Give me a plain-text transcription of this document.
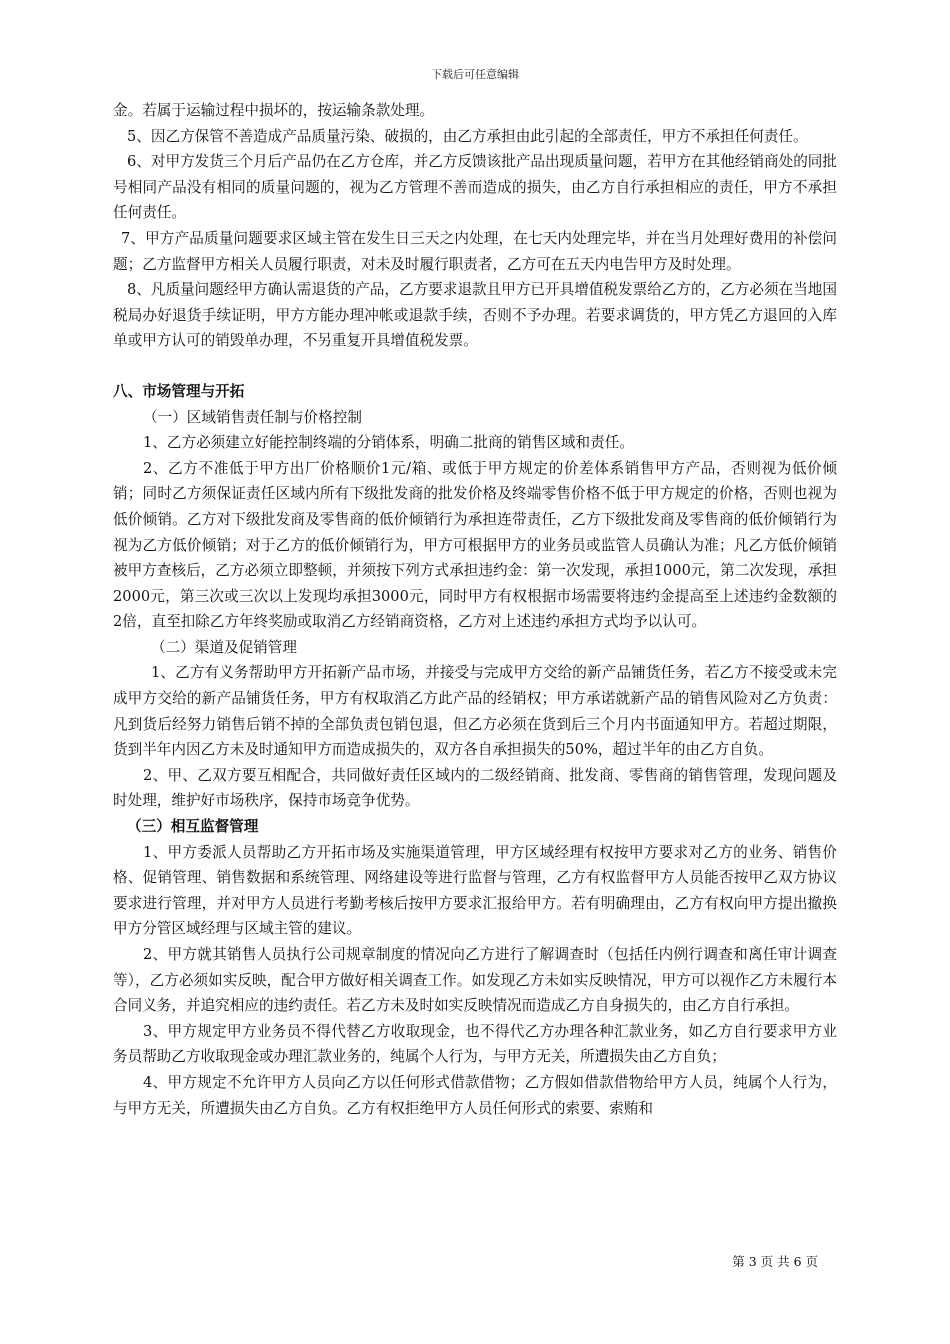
下载后可任意编辑

金。若属于运输过程中损坏的，按运输条款处理。

5、因乙方保管不善造成产品质量污染、破损的，由乙方承担由此引起的全部责任，甲方不承担任何责任。

6、对甲方发货三个月后产品仍在乙方仓库，并乙方反馈该批产品出现质量问题，若甲方在其他经销商处的同批号相同产品没有相同的质量问题的，视为乙方管理不善而造成的损失，由乙方自行承担相应的责任，甲方不承担任何责任。

7、甲方产品质量问题要求区域主管在发生日三天之内处理，在七天内处理完毕，并在当月处理好费用的补偿问题；乙方监督甲方相关人员履行职责，对未及时履行职责者，乙方可在五天内电告甲方及时处理。

8、凡质量问题经甲方确认需退货的产品，乙方要求退款且甲方已开具增值税发票给乙方的，乙方必须在当地国税局办好退货手续证明，甲方方能办理冲帐或退款手续，否则不予办理。若要求调货的，甲方凭乙方退回的入库单或甲方认可的销毁单办理，不另重复开具增值税发票。

八、市场管理与开拓

（一）区域销售责任制与价格控制

1、乙方必须建立好能控制终端的分销体系，明确二批商的销售区域和责任。

2、乙方不准低于甲方出厂价格顺价1元/箱、或低于甲方规定的价差体系销售甲方产品，否则视为低价倾销；同时乙方须保证责任区域内所有下级批发商的批发价格及终端零售价格不低于甲方规定的价格，否则也视为低价倾销。乙方对下级批发商及零售商的低价倾销行为承担连带责任，乙方下级批发商及零售商的低价倾销行为视为乙方低价倾销；对于乙方的低价倾销行为，甲方可根据甲方的业务员或监管人员确认为准；凡乙方低价倾销被甲方查核后，乙方必须立即整顿，并须按下列方式承担违约金：第一次发现，承担1000元，第二次发现，承担2000元，第三次或三次以上发现均承担3000元，同时甲方有权根据市场需要将违约金提高至上述违约金数额的2倍，直至扣除乙方年终奖励或取消乙方经销商资格，乙方对上述违约承担方式均予以认可。

（二）渠道及促销管理

1、乙方有义务帮助甲方开拓新产品市场，并接受与完成甲方交给的新产品铺货任务，若乙方不接受或未完成甲方交给的新产品铺货任务，甲方有权取消乙方此产品的经销权；甲方承诺就新产品的销售风险对乙方负责：凡到货后经努力销售后销不掉的全部负责包销包退，但乙方必须在货到后三个月内书面通知甲方。若超过期限，货到半年内因乙方未及时通知甲方而造成损失的，双方各自承担损失的50%，超过半年的由乙方自负。

2、甲、乙双方要互相配合，共同做好责任区域内的二级经销商、批发商、零售商的销售管理，发现问题及时处理，维护好市场秩序，保持市场竞争优势。

（三）相互监督管理

1、甲方委派人员帮助乙方开拓市场及实施渠道管理，甲方区域经理有权按甲方要求对乙方的业务、销售价格、促销管理、销售数据和系统管理、网络建设等进行监督与管理，乙方有权监督甲方人员能否按甲乙双方协议要求进行管理，并对甲方人员进行考勤考核后按甲方要求汇报给甲方。若有明确理由，乙方有权向甲方提出撤换甲方分管区域经理与区域主管的建议。

2、甲方就其销售人员执行公司规章制度的情况向乙方进行了解调查时（包括任内例行调查和离任审计调查等），乙方必须如实反映，配合甲方做好相关调查工作。如发现乙方未如实反映情况，甲方可以视作乙方未履行本合同义务，并追究相应的违约责任。若乙方未及时如实反映情况而造成乙方自身损失的，由乙方自行承担。

3、甲方规定甲方业务员不得代替乙方收取现金，也不得代乙方办理各种汇款业务，如乙方自行要求甲方业务员帮助乙方收取现金或办理汇款业务的，纯属个人行为，与甲方无关，所遭损失由乙方自负；

4、甲方规定不允许甲方人员向乙方以任何形式借款借物；乙方假如借款借物给甲方人员，纯属个人行为，与甲方无关，所遭损失由乙方自负。乙方有权拒绝甲方人员任何形式的索要、索贿和

第 3 页 共 6 页
